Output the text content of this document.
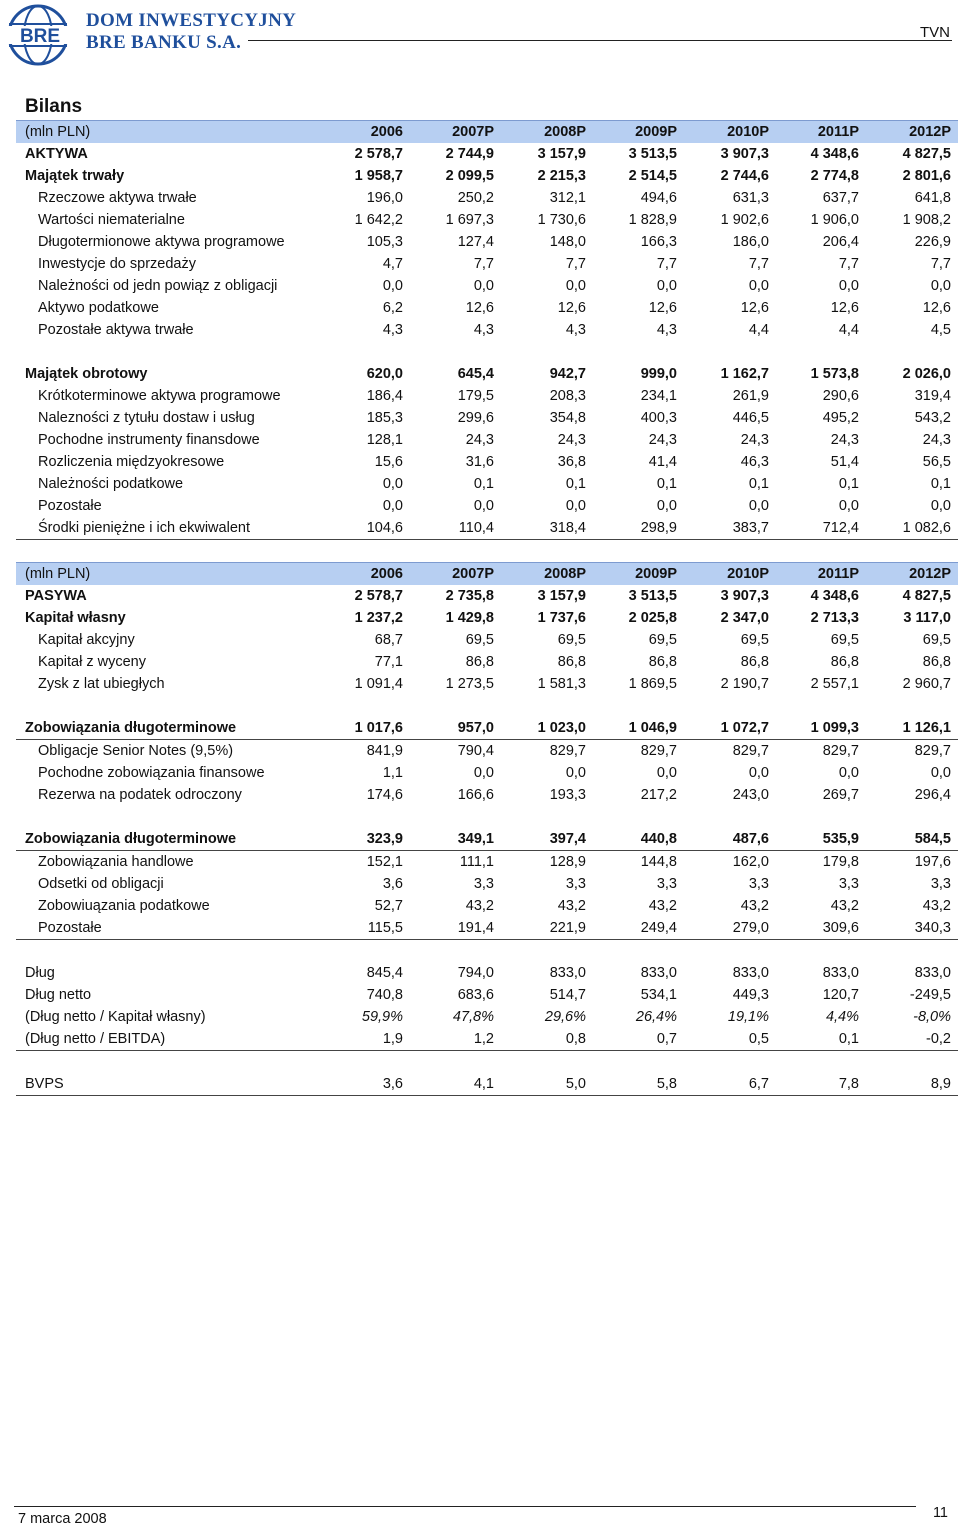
BRE
DOM INWESTYCYJNY
BRE BANKU S.A.	TVN
Bilans
(mln PLN)	2006	2007P	2008P	2009P	2010P	2011P	2012P
AKTYWA	2 578,7	2 744,9	3 157,9	3 513,5	3 907,3	4 348,6	4 827,5
Majątek trwały	1 958,7	2 099,5	2 215,3	2 514,5	2 744,6	2 774,8	2 801,6
Rzeczowe aktywa trwałe	196,0	250,2	312,1	494,6	631,3	637,7	641,8
Wartości niematerialne	1 642,2	1 697,3	1 730,6	1 828,9	1 902,6	1 906,0	1 908,2
Długotermionowe aktywa programowe	105,3	127,4	148,0	166,3	186,0	206,4	226,9
Inwestycje do sprzedaży	4,7	7,7	7,7	7,7	7,7	7,7	7,7
Należności od jedn powiąz z obligacji	0,0	0,0	0,0	0,0	0,0	0,0	0,0
Aktywo podatkowe	6,2	12,6	12,6	12,6	12,6	12,6	12,6
Pozostałe aktywa trwałe	4,3	4,3	4,3	4,3	4,4	4,4	4,5
Majątek obrotowy	620,0	645,4	942,7	999,0	1 162,7	1 573,8	2 026,0
Krótkoterminowe aktywa programowe	186,4	179,5	208,3	234,1	261,9	290,6	319,4
Nalezności z tytułu dostaw i usług	185,3	299,6	354,8	400,3	446,5	495,2	543,2
Pochodne instrumenty finansdowe	128,1	24,3	24,3	24,3	24,3	24,3	24,3
Rozliczenia międzyokresowe	15,6	31,6	36,8	41,4	46,3	51,4	56,5
Należności podatkowe	0,0	0,1	0,1	0,1	0,1	0,1	0,1
Pozostałe	0,0	0,0	0,0	0,0	0,0	0,0	0,0
Środki pieniężne i ich ekwiwalent	104,6	110,4	318,4	298,9	383,7	712,4	1 082,6
(mln PLN)	2006	2007P	2008P	2009P	2010P	2011P	2012P
PASYWA	2 578,7	2 735,8	3 157,9	3 513,5	3 907,3	4 348,6	4 827,5
Kapitał własny	1 237,2	1 429,8	1 737,6	2 025,8	2 347,0	2 713,3	3 117,0
Kapitał akcyjny	68,7	69,5	69,5	69,5	69,5	69,5	69,5
Kapitał z wyceny	77,1	86,8	86,8	86,8	86,8	86,8	86,8
Zysk z lat ubiegłych	1 091,4	1 273,5	1 581,3	1 869,5	2 190,7	2 557,1	2 960,7
Zobowiązania długoterminowe	1 017,6	957,0	1 023,0	1 046,9	1 072,7	1 099,3	1 126,1
Obligacje Senior Notes (9,5%)	841,9	790,4	829,7	829,7	829,7	829,7	829,7
Pochodne zobowiązania finansowe	1,1	0,0	0,0	0,0	0,0	0,0	0,0
Rezerwa na podatek odroczony	174,6	166,6	193,3	217,2	243,0	269,7	296,4
Zobowiązania długoterminowe	323,9	349,1	397,4	440,8	487,6	535,9	584,5
Zobowiązania handlowe	152,1	111,1	128,9	144,8	162,0	179,8	197,6
Odsetki od obligacji	3,6	3,3	3,3	3,3	3,3	3,3	3,3
Zobowiuązania podatkowe	52,7	43,2	43,2	43,2	43,2	43,2	43,2
Pozostałe	115,5	191,4	221,9	249,4	279,0	309,6	340,3
Dług	845,4	794,0	833,0	833,0	833,0	833,0	833,0
Dług netto	740,8	683,6	514,7	534,1	449,3	120,7	-249,5
(Dług netto / Kapitał własny)	59,9%	47,8%	29,6%	26,4%	19,1%	4,4%	-8,0%
(Dług netto / EBITDA)	1,9	1,2	0,8	0,7	0,5	0,1	-0,2
BVPS	3,6	4,1	5,0	5,8	6,7	7,8	8,9
7 marca 2008	11
